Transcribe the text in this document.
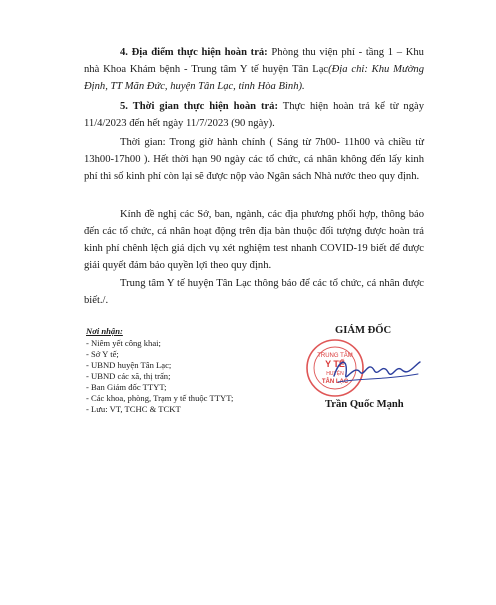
4. Địa điểm thực hiện hoàn trả: Phòng thu viện phí - tầng 1 – Khu nhà Khoa Khám bệnh - Trung tâm Y tế huyện Tân Lạc(Địa chỉ: Khu Mường Định, TT Mãn Đức, huyện Tân Lạc, tỉnh Hòa Bình).

5. Thời gian thực hiện hoàn trả: Thực hiện hoàn trả kể từ ngày 11/4/2023 đến hết ngày 11/7/2023 (90 ngày).

Thời gian: Trong giờ hành chính ( Sáng từ 7h00- 11h00 và chiều từ 13h00-17h00 ). Hết thời hạn 90 ngày các tổ chức, cá nhân không đến lấy kinh phí thì số kinh phí còn lại sẽ được nộp vào Ngân sách Nhà nước theo quy định.

Kính đề nghị các Sở, ban, ngành, các địa phương phối hợp, thông báo đến các tổ chức, cá nhân hoạt động trên địa bàn thuộc đối tượng được hoàn trả kinh phí chênh lệch giá dịch vụ xét nghiệm test nhanh COVID-19 biết để được giải quyết đảm bảo quyền lợi theo quy định.

Trung tâm Y tế huyện Tân Lạc thông báo để các tổ chức, cá nhân được biết./.

Nơi nhận:
- Niêm yết công khai;
- Sở Y tế;
- UBND huyện Tân Lạc;
- UBND các xã, thị trấn;
- Ban Giám đốc TTYT;
- Các khoa, phòng, Trạm y tế thuộc TTYT;
- Lưu: VT, TCHC & TCKT
GIÁM ĐỐC
TRUNG TÂM
Y TẾ
HUYỆN
TÂN LẠC
Trần Quốc Mạnh
